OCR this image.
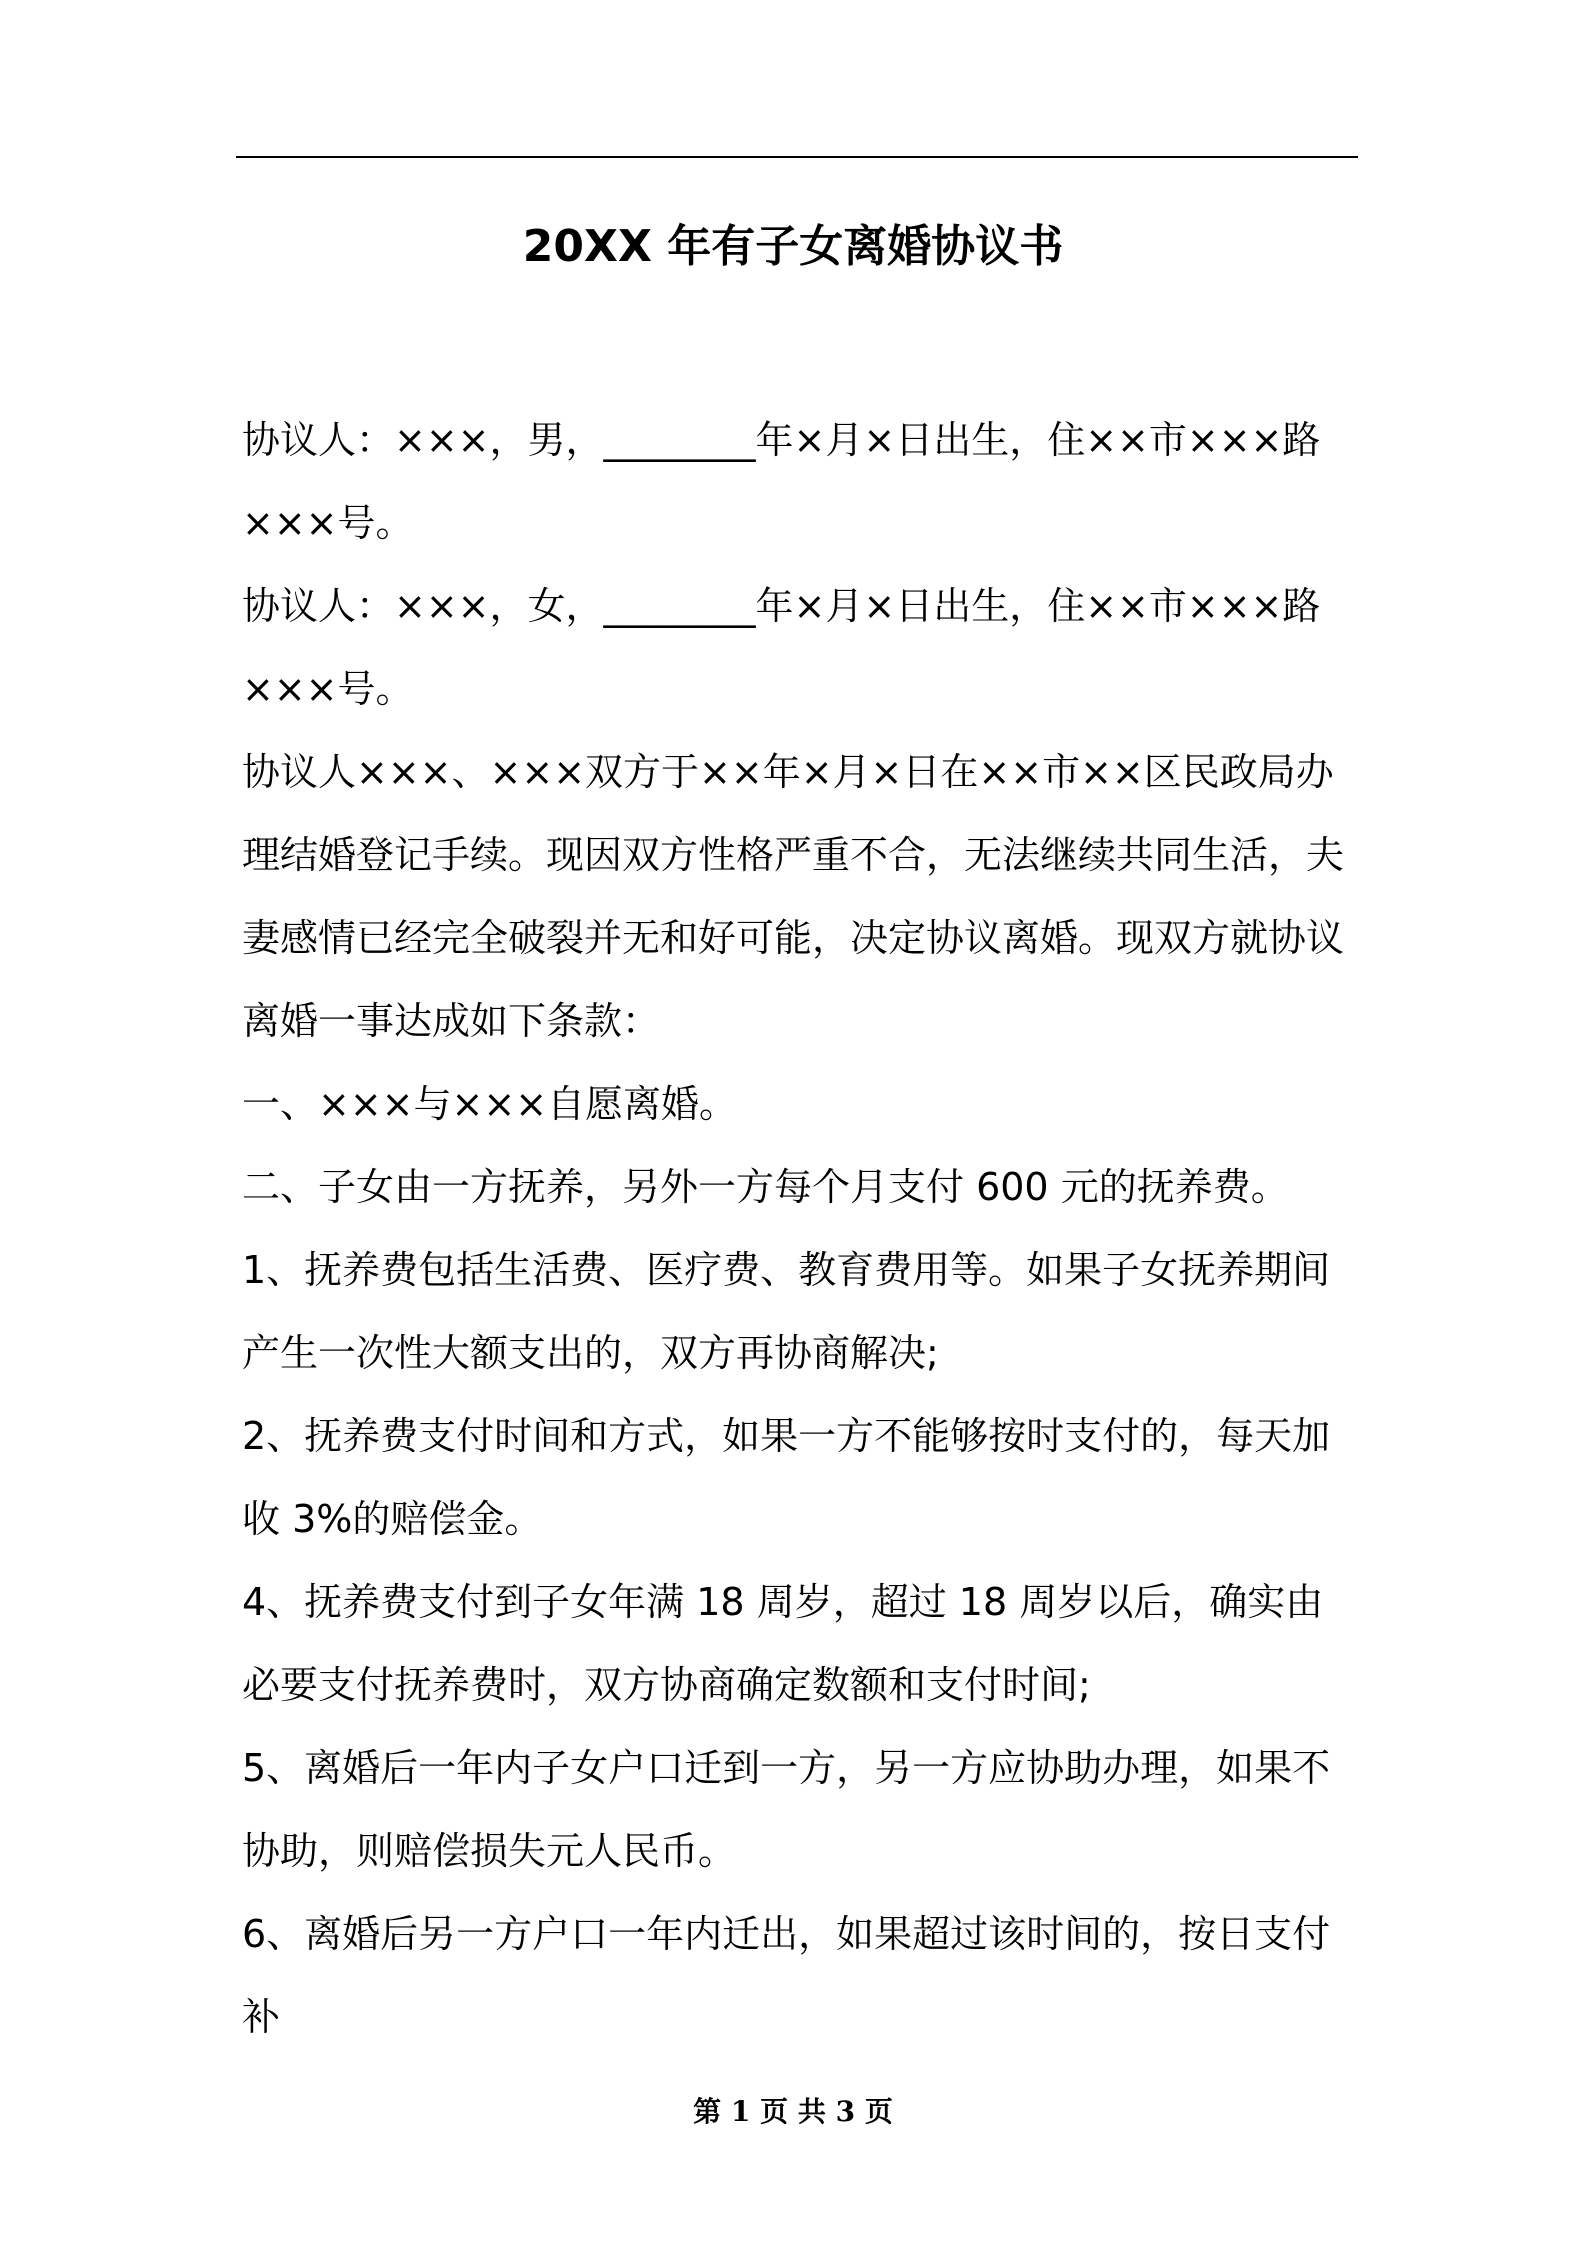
20XX 年有子女离婚协议书

协议人：×××，男，________年×月×日出生，住××市×××路×××号。

协议人：×××，女，________年×月×日出生，住××市×××路×××号。

协议人×××、×××双方于××年×月×日在××市××区民政局办理结婚登记手续。现因双方性格严重不合，无法继续共同生活，夫妻感情已经完全破裂并无和好可能，决定协议离婚。现双方就协议离婚一事达成如下条款：

一、×××与×××自愿离婚。

二、子女由一方抚养，另外一方每个月支付 600 元的抚养费。

1、抚养费包括生活费、医疗费、教育费用等。如果子女抚养期间产生一次性大额支出的，双方再协商解决;

2、抚养费支付时间和方式，如果一方不能够按时支付的，每天加收 3%的赔偿金。

4、抚养费支付到子女年满 18 周岁，超过 18 周岁以后，确实由必要支付抚养费时，双方协商确定数额和支付时间;

5、离婚后一年内子女户口迁到一方，另一方应协助办理，如果不协助，则赔偿损失元人民币。

6、离婚后另一方户口一年内迁出，如果超过该时间的，按日支付补

第 1 页 共 3 页
